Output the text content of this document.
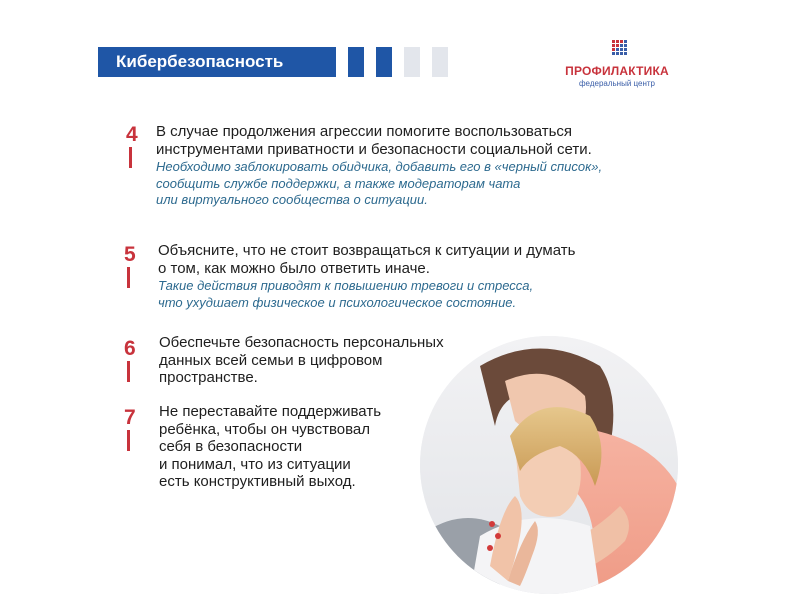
Кибербезопасность	ПРОФИЛАКТИКА
федеральный центр
4 В случае продолжения агрессии помогите воспользоваться
инструментами приватности и безопасности социальной сети.
Необходимо заблокировать обидчика, добавить его в «черный список»,
сообщить службе поддержки, а также модераторам чата
или виртуального сообщества о ситуации.
5 Объясните, что не стоит возвращаться к ситуации и думать
о том, как можно было ответить иначе.
Такие действия приводят к повышению тревоги и стресса,
что ухудшает физическое и психологическое состояние.
6 Обеспечьте безопасность персональных
данных всей семьи в цифровом
пространстве.
7 Не переставайте поддерживать
ребёнка, чтобы он чувствовал
себя в безопасности
и понимал, что из ситуации
есть конструктивный выход.
